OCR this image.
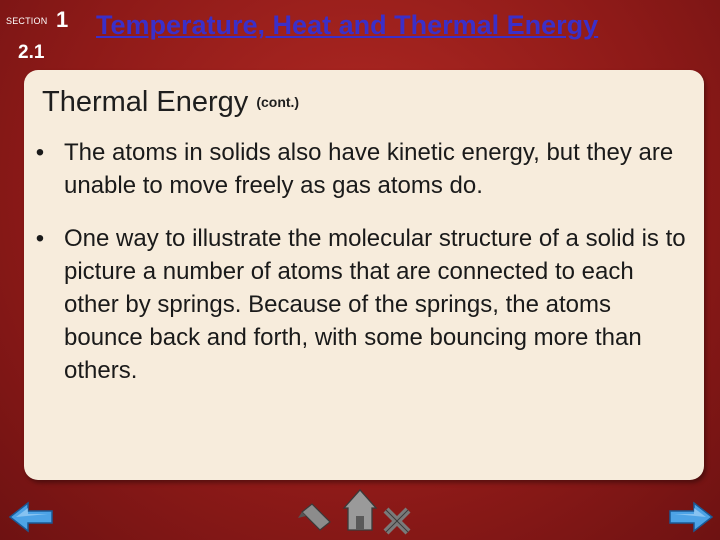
SECTION 1
2.1
Temperature, Heat and Thermal Energy
Thermal Energy (cont.)
• The atoms in solids also have kinetic energy, but they are unable to move freely as gas atoms do.
• One way to illustrate the molecular structure of a solid is to picture a number of atoms that are connected to each other by springs. Because of the springs, the atoms bounce back and forth, with some bouncing more than others.
